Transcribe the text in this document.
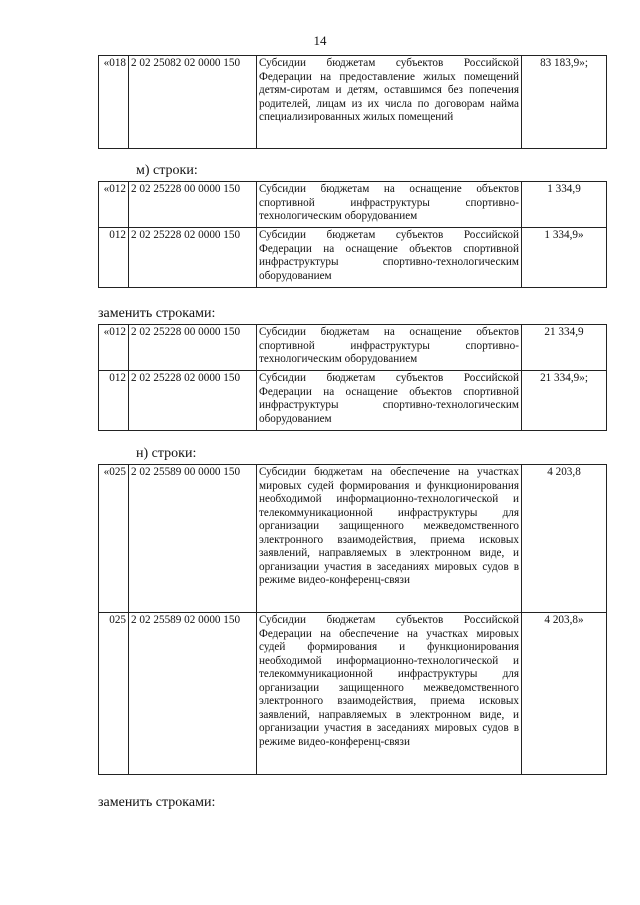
14
«018	2 02 25082 02 0000 150	Субсидии бюджетам субъектов Российской Федерации на предоставление жилых помещений детям-сиротам и детям, оставшимся без попечения родителей, лицам из их числа по договорам найма специализированных жилых помещений	83 183,9»;
м) строки:
«012	2 02 25228 00 0000 150	Субсидии бюджетам на оснащение объектов спортивной инфраструктуры спортивно-технологическим оборудованием	1 334,9
012	2 02 25228 02 0000 150	Субсидии бюджетам субъектов Российской Федерации на оснащение объектов спортивной инфраструктуры спортивно-технологическим оборудованием	1 334,9»
заменить строками:
«012	2 02 25228 00 0000 150	Субсидии бюджетам на оснащение объектов спортивной инфраструктуры спортивно-технологическим оборудованием	21 334,9
012	2 02 25228 02 0000 150	Субсидии бюджетам субъектов Российской Федерации на оснащение объектов спортивной инфраструктуры спортивно-технологическим оборудованием	21 334,9»;
н) строки:
«025	2 02 25589 00 0000 150	Субсидии бюджетам на обеспечение на участках мировых судей формирования и функционирования необходимой информационно-технологической и телекоммуникационной инфраструктуры для организации защищенного межведомственного электронного взаимодействия, приема исковых заявлений, направляемых в электронном виде, и организации участия в заседаниях мировых судов в режиме видео-конференц-связи	4 203,8
025	2 02 25589 02 0000 150	Субсидии бюджетам субъектов Российской Федерации на обеспечение на участках мировых судей формирования и функционирования необходимой информационно-технологической и телекоммуникационной инфраструктуры для организации защищенного межведомственного электронного взаимодействия, приема исковых заявлений, направляемых в электронном виде, и организации участия в заседаниях мировых судов в режиме видео-конференц-связи	4 203,8»
заменить строками:
